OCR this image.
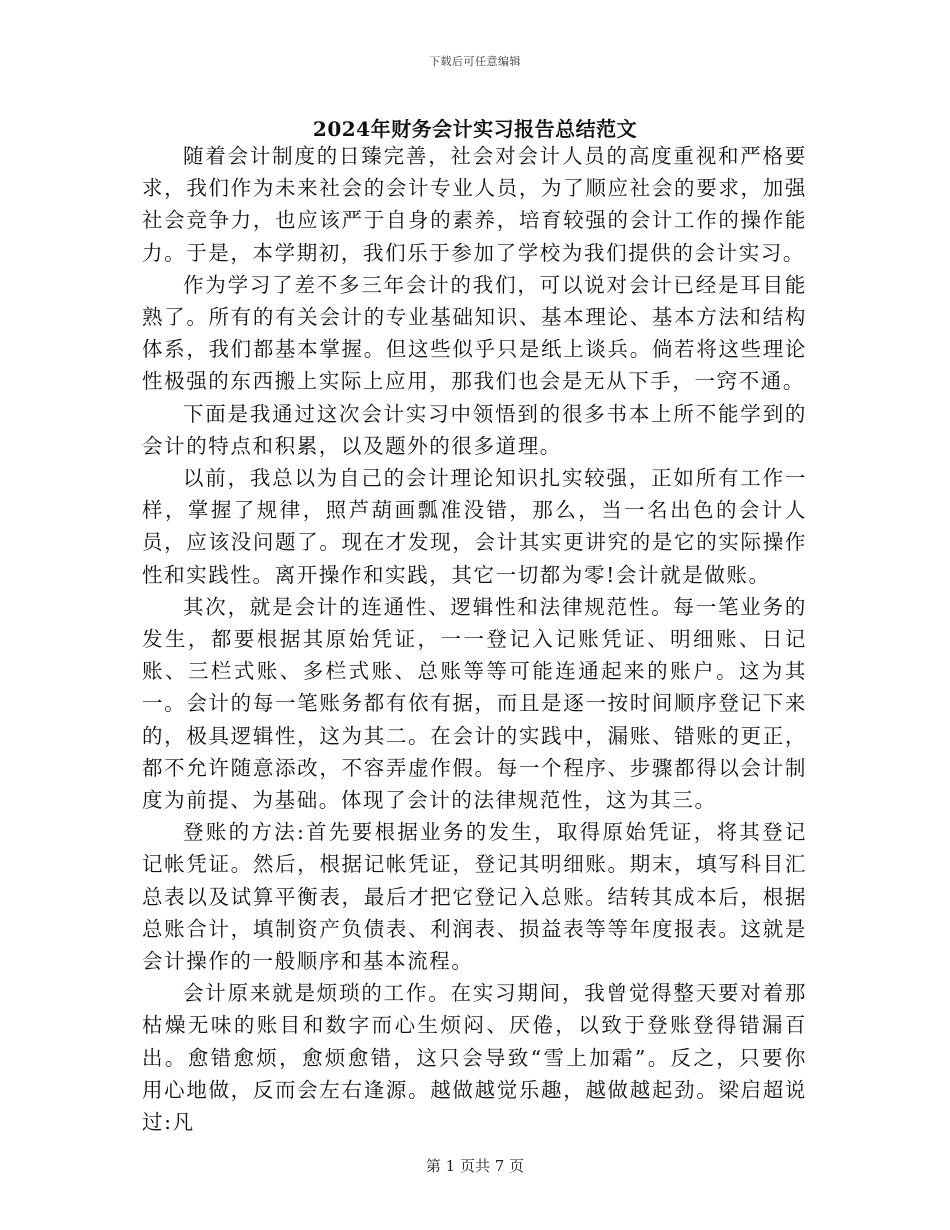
下载后可任意编辑
2024年财务会计实习报告总结范文

随着会计制度的日臻完善，社会对会计人员的高度重视和严格要求，我们作为未来社会的会计专业人员，为了顺应社会的要求，加强社会竞争力，也应该严于自身的素养，培育较强的会计工作的操作能力。于是，本学期初，我们乐于参加了学校为我们提供的会计实习。

作为学习了差不多三年会计的我们，可以说对会计已经是耳目能熟了。所有的有关会计的专业基础知识、基本理论、基本方法和结构体系，我们都基本掌握。但这些似乎只是纸上谈兵。倘若将这些理论性极强的东西搬上实际上应用，那我们也会是无从下手，一窍不通。

下面是我通过这次会计实习中领悟到的很多书本上所不能学到的会计的特点和积累，以及题外的很多道理。

以前，我总以为自己的会计理论知识扎实较强，正如所有工作一样，掌握了规律，照芦葫画瓢准没错，那么，当一名出色的会计人员，应该没问题了。现在才发现，会计其实更讲究的是它的实际操作性和实践性。离开操作和实践，其它一切都为零!会计就是做账。

其次，就是会计的连通性、逻辑性和法律规范性。每一笔业务的发生，都要根据其原始凭证，一一登记入记账凭证、明细账、日记账、三栏式账、多栏式账、总账等等可能连通起来的账户。这为其一。会计的每一笔账务都有依有据，而且是逐一按时间顺序登记下来的，极具逻辑性，这为其二。在会计的实践中，漏账、错账的更正，都不允许随意添改，不容弄虚作假。每一个程序、步骤都得以会计制度为前提、为基础。体现了会计的法律规范性，这为其三。

登账的方法:首先要根据业务的发生，取得原始凭证，将其登记记帐凭证。然后，根据记帐凭证，登记其明细账。期末，填写科目汇总表以及试算平衡表，最后才把它登记入总账。结转其成本后，根据总账合计，填制资产负债表、利润表、损益表等等年度报表。这就是会计操作的一般顺序和基本流程。

会计原来就是烦琐的工作。在实习期间，我曾觉得整天要对着那枯燥无味的账目和数字而心生烦闷、厌倦，以致于登账登得错漏百出。愈错愈烦，愈烦愈错，这只会导致“雪上加霜”。反之，只要你用心地做，反而会左右逢源。越做越觉乐趣，越做越起劲。梁启超说过:凡

第 1 页共 7 页
